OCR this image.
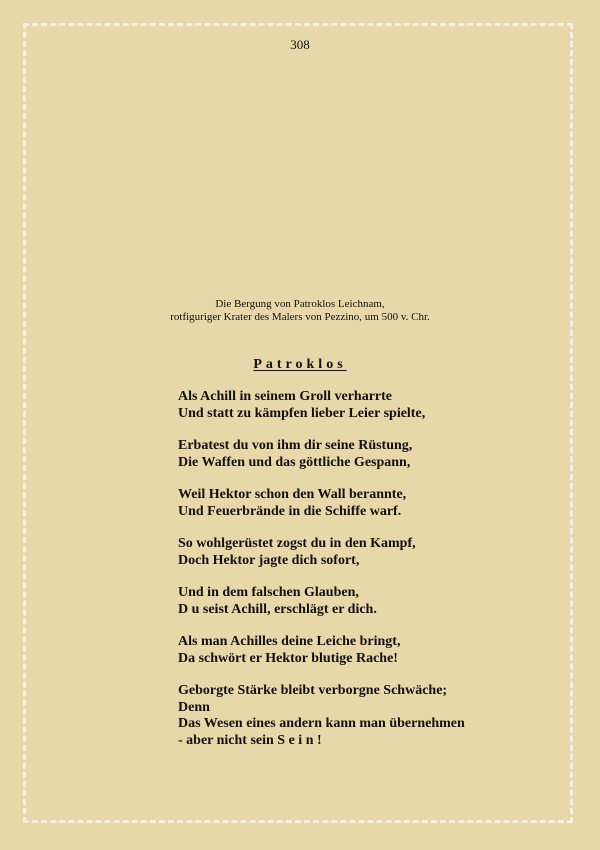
308
Die Bergung von Patroklos Leichnam,
rotfiguriger Krater des Malers von Pezzino, um 500 v. Chr.
Patroklos
Als Achill in seinem Groll verharrte
Und statt zu kämpfen lieber Leier spielte,
Erbatest du von ihm dir seine Rüstung,
Die Waffen und das göttliche Gespann,
Weil Hektor schon den Wall berannte,
Und Feuerbrände in die Schiffe warf.
So wohlgerüstet zogst du in den Kampf,
Doch Hektor jagte dich sofort,
Und in dem falschen Glauben,
D u seist Achill, erschlägt er dich.
Als man Achilles deine Leiche bringt,
Da schwört er Hektor blutige Rache!
Geborgte Stärke bleibt verborgne Schwäche;
Denn
Das Wesen eines andern kann man übernehmen
- aber nicht sein S e i n !
